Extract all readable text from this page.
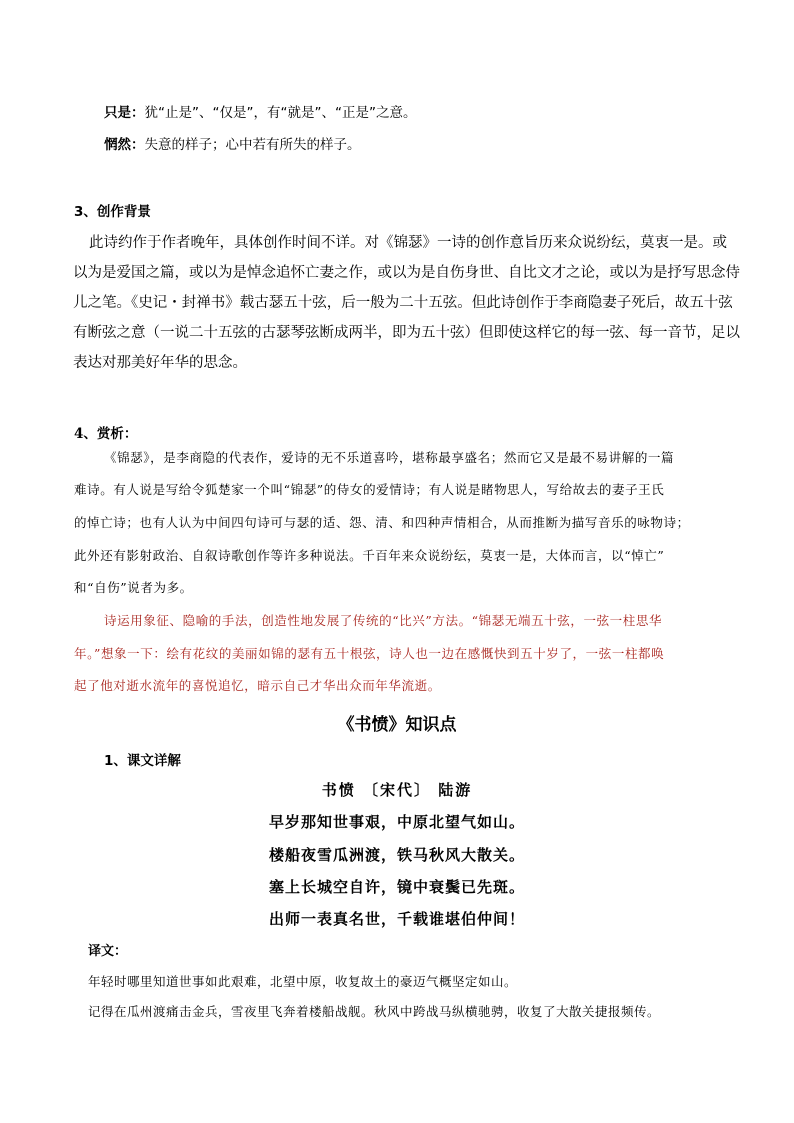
只是：犹“止是”、“仅是”，有“就是”、“正是”之意。
惘然：失意的样子；心中若有所失的样子。
3、创作背景
此诗约作于作者晚年，具体创作时间不详。对《锦瑟》一诗的创作意旨历来众说纷纭，莫衷一是。或
以为是爱国之篇，或以为是悼念追怀亡妻之作，或以为是自伤身世、自比文才之论，或以为是抒写思念侍
儿之笔。《史记・封禅书》载古瑟五十弦，后一般为二十五弦。但此诗创作于李商隐妻子死后，故五十弦
有断弦之意（一说二十五弦的古瑟琴弦断成两半，即为五十弦）但即使这样它的每一弦、每一音节，足以
表达对那美好年华的思念。
4、赏析：
《锦瑟》，是李商隐的代表作，爱诗的无不乐道喜吟，堪称最享盛名；然而它又是最不易讲解的一篇
难诗。有人说是写给令狐楚家一个叫“锦瑟”的侍女的爱情诗；有人说是睹物思人，写给故去的妻子王氏
的悼亡诗；也有人认为中间四句诗可与瑟的适、怨、清、和四种声情相合，从而推断为描写音乐的咏物诗；
此外还有影射政治、自叙诗歌创作等许多种说法。千百年来众说纷纭，莫衷一是，大体而言，以“悼亡”
和“自伤”说者为多。
诗运用象征、隐喻的手法，创造性地发展了传统的“比兴”方法。“锦瑟无端五十弦，一弦一柱思华
年。”想象一下：绘有花纹的美丽如锦的瑟有五十根弦，诗人也一边在感慨快到五十岁了，一弦一柱都唤
起了他对逝水流年的喜悦追忆，暗示自己才华出众而年华流逝。
《书愤》知识点
1、课文详解
书愤 〔宋代〕 陆游
早岁那知世事艰，中原北望气如山。
楼船夜雪瓜洲渡，铁马秋风大散关。
塞上长城空自许，镜中衰鬓已先斑。
出师一表真名世，千载谁堪伯仲间！
译文：
年轻时哪里知道世事如此艰难，北望中原，收复故土的豪迈气概坚定如山。
记得在瓜州渡痛击金兵，雪夜里飞奔着楼船战舰。秋风中跨战马纵横驰骋，收复了大散关捷报频传。
